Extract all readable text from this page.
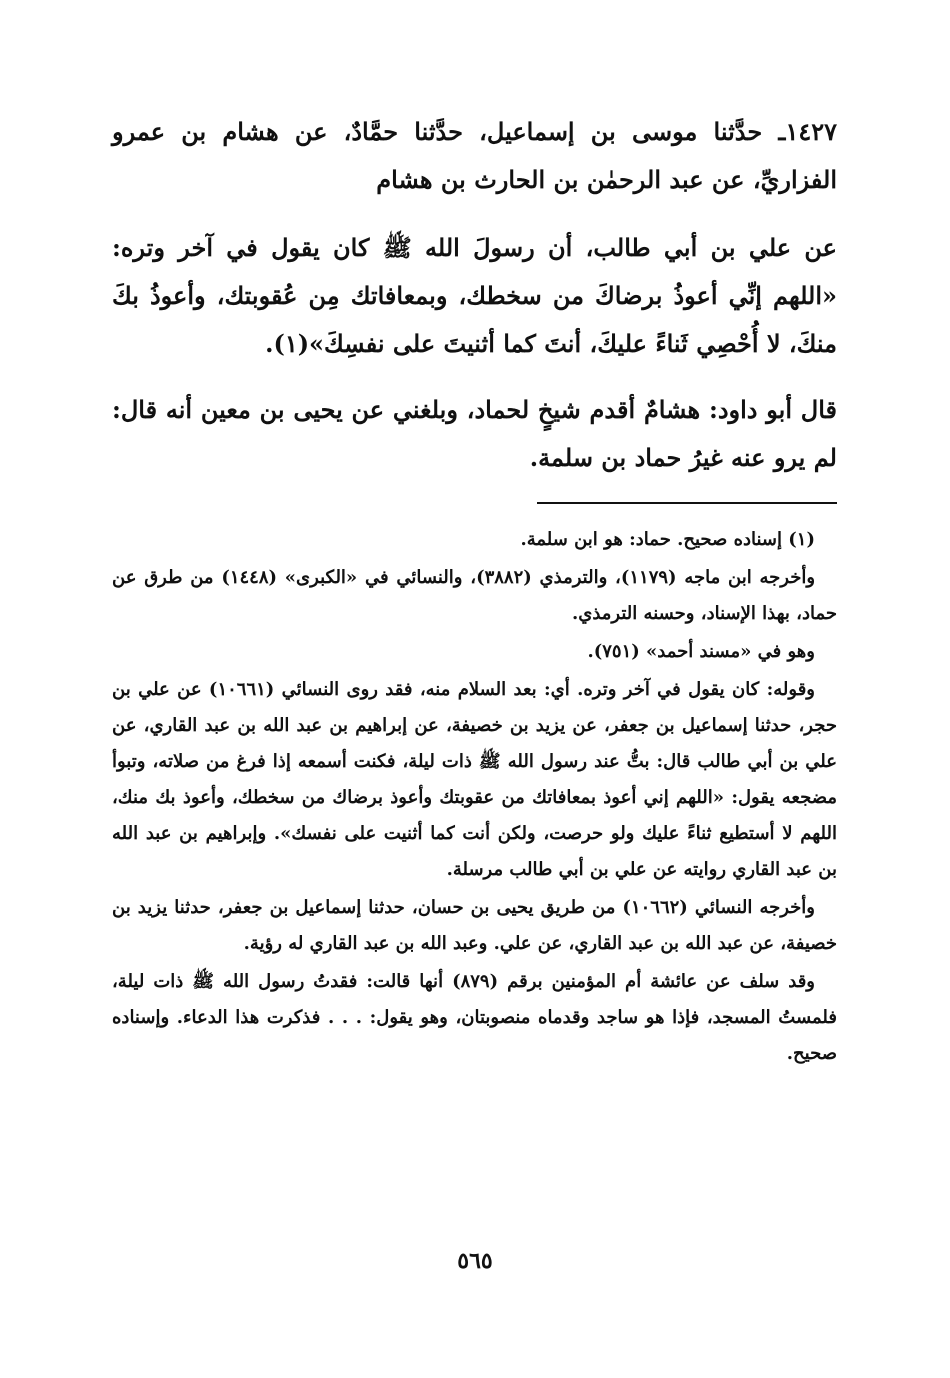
١٤٢٧ـ حدَّثنا موسى بن إسماعيل، حدَّثنا حمَّادٌ، عن هشام بن عمرو الفزاريِّ، عن عبد الرحمٰن بن الحارث بن هشام

عن علي بن أبي طالب، أن رسولَ الله ﷺ كان يقول في آخر وتره: «اللهم إنِّي أعوذُ برضاكَ من سخطك، وبمعافاتك مِن عُقوبتك، وأعوذُ بكَ منكَ، لا أُحْصِي ثَناءً عليكَ، أنتَ كما أثنيتَ على نفسِكَ»(١).

قال أبو داود: هشامٌ أقدم شيخٍ لحماد، وبلغني عن يحيى بن معين أنه قال: لم يرو عنه غيرُ حماد بن سلمة.

(١) إسناده صحيح. حماد: هو ابن سلمة.

وأخرجه ابن ماجه (١١٧٩)، والترمذي (٣٨٨٢)، والنسائي في «الكبرى» (١٤٤٨) من طرق عن حماد، بهذا الإسناد، وحسنه الترمذي.

وهو في «مسند أحمد» (٧٥١).

وقوله: كان يقول في آخر وتره. أي: بعد السلام منه، فقد روى النسائي (١٠٦٦١) عن علي بن حجر، حدثنا إسماعيل بن جعفر، عن يزيد بن خصيفة، عن إبراهيم بن عبد الله بن عبد القاري، عن علي بن أبي طالب قال: بتُّ عند رسول الله ﷺ ذات ليلة، فكنت أسمعه إذا فرغ من صلاته، وتبوأ مضجعه يقول: «اللهم إني أعوذ بمعافاتك من عقوبتك وأعوذ برضاك من سخطك، وأعوذ بك منك، اللهم لا أستطيع ثناءً عليك ولو حرصت، ولكن أنت كما أثنيت على نفسك». وإبراهيم بن عبد الله بن عبد القاري روايته عن علي بن أبي طالب مرسلة.

وأخرجه النسائي (١٠٦٦٢) من طريق يحيى بن حسان، حدثنا إسماعيل بن جعفر، حدثنا يزيد بن خصيفة، عن عبد الله بن عبد القاري، عن علي. وعبد الله بن عبد القاري له رؤية.

وقد سلف عن عائشة أم المؤمنين برقم (٨٧٩) أنها قالت: فقدتُ رسول الله ﷺ ذات ليلة، فلمستُ المسجد، فإذا هو ساجد وقدماه منصوبتان، وهو يقول: . . . فذكرت هذا الدعاء. وإسناده صحيح.

٥٦٥
